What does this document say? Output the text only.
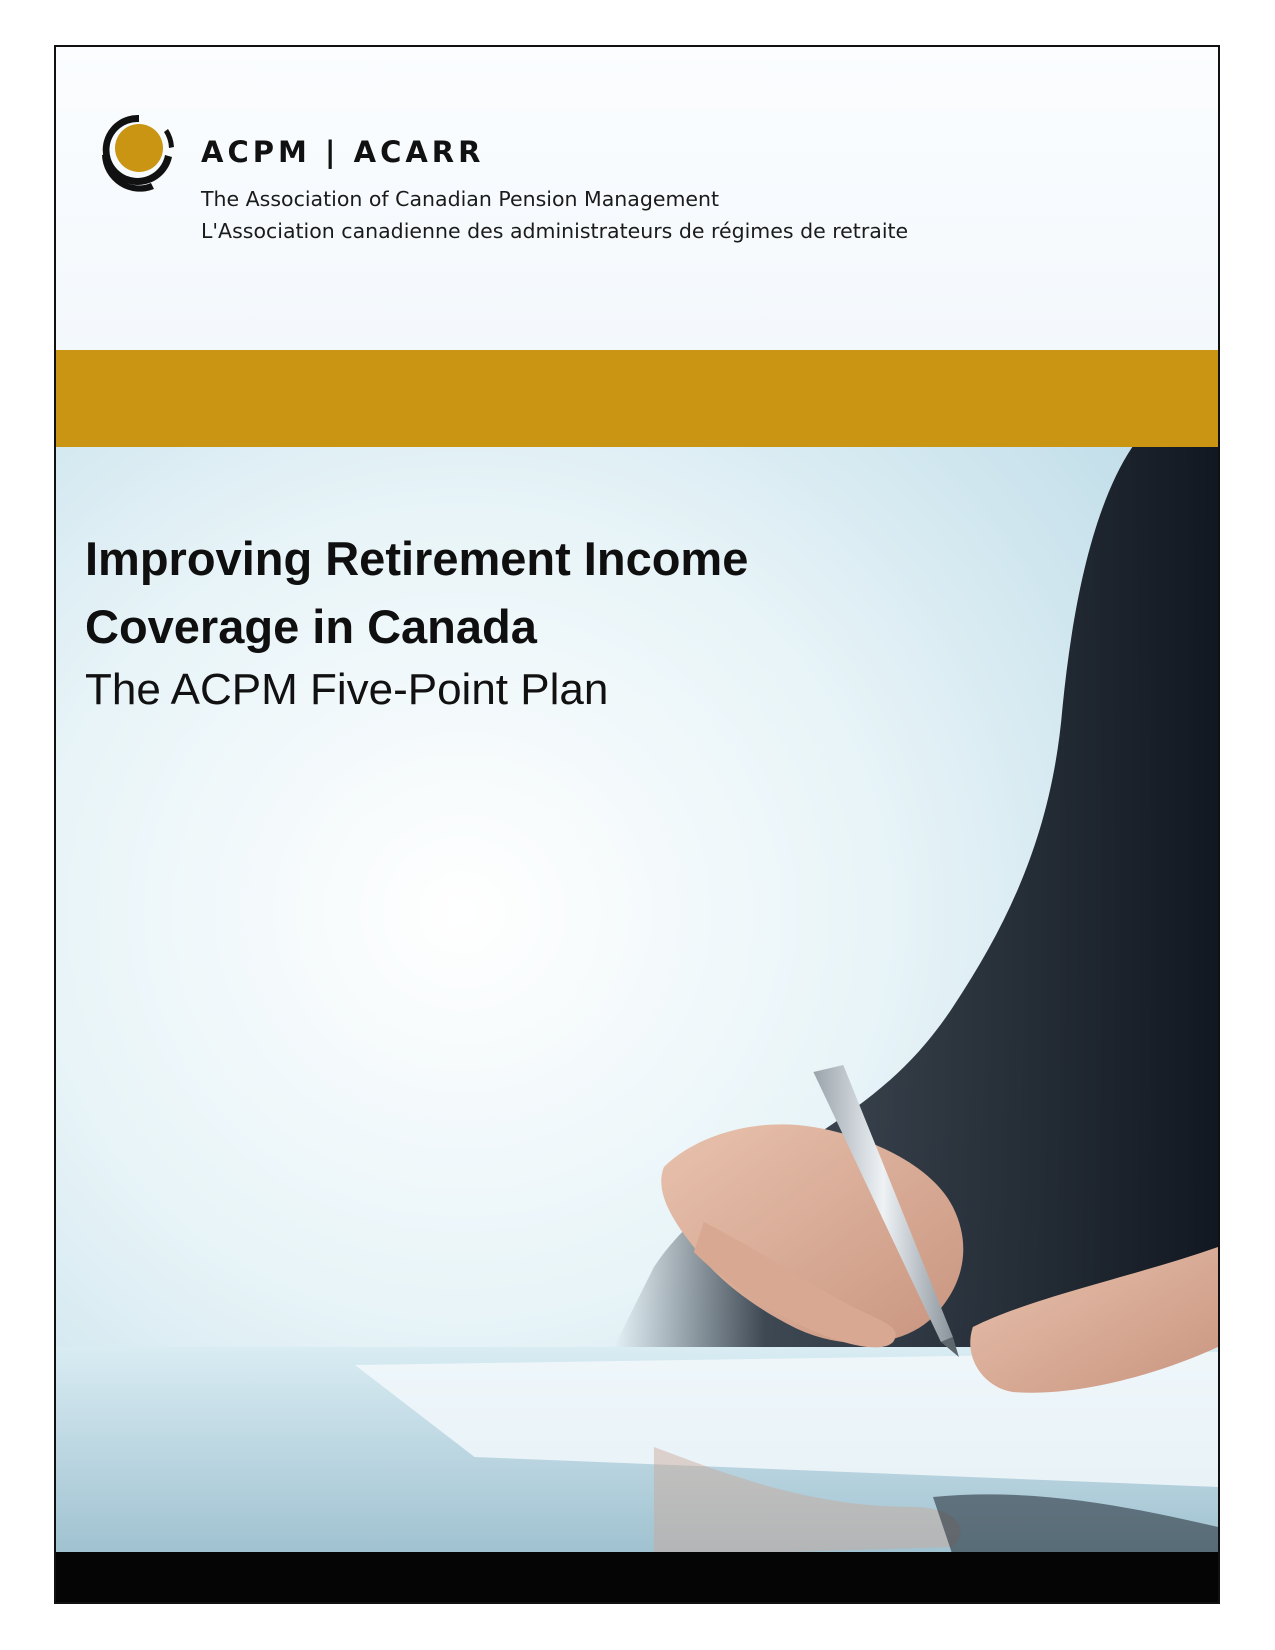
ACPM | ACARR
The Association of Canadian Pension Management
L'Association canadienne des administrateurs de régimes de retraite
Improving Retirement Income
Coverage in Canada
The ACPM Five-Point Plan
